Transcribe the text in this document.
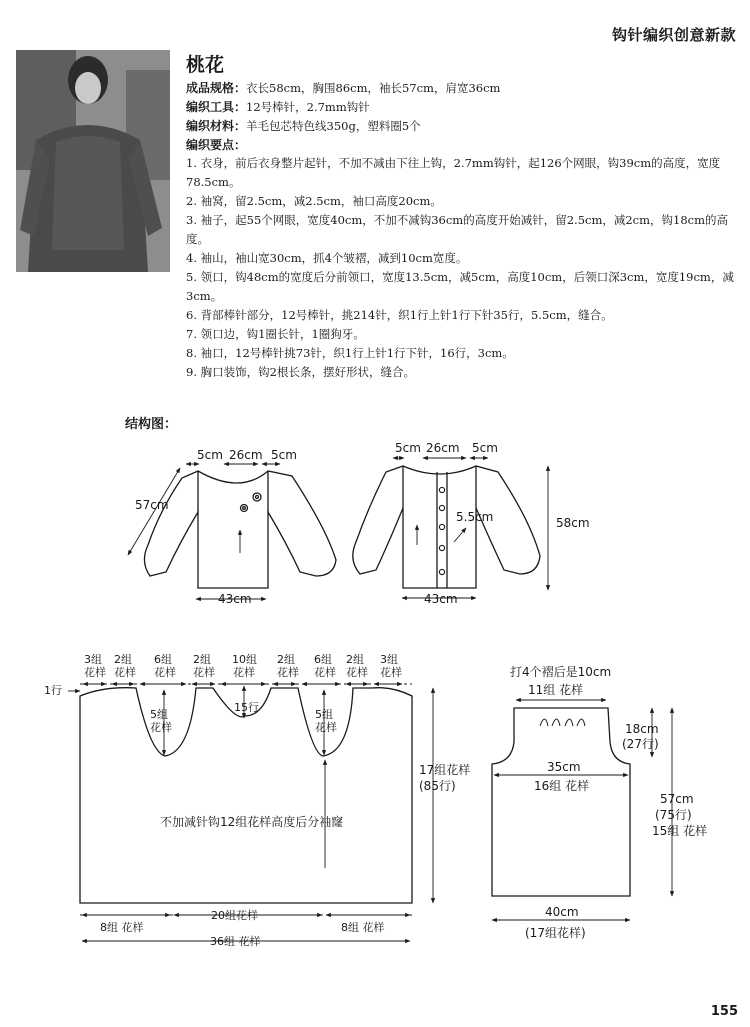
钩针编织创意新款
桃花
成品规格：衣长58cm，胸围86cm，袖长57cm，肩宽36cm
编织工具：12号棒针，2.7mm钩针
编织材料：羊毛包芯特色线350g，塑料圈5个
编织要点：
1. 衣身，前后衣身整片起针，不加不减由下往上钩，2.7mm钩针，起126个网眼，钩39cm的高度，宽度78.5cm。
2. 袖窝，留2.5cm，减2.5cm，袖口高度20cm。
3. 袖子，起55个网眼，宽度40cm，不加不减钩36cm的高度开始减针，留2.5cm，减2cm，钩18cm的高度。
4. 袖山，袖山宽30cm，抓4个皱褶，减到10cm宽度。
5. 领口，钩48cm的宽度后分前领口，宽度13.5cm，减5cm，高度10cm，后领口深3cm，宽度19cm，减3cm。
6. 背部棒针部分，12号棒针，挑214针，织1行上针1行下针35行，5.5cm，缝合。
7. 领口边，钩1圈长针，1圈狗牙。
8. 袖口，12号棒针挑73针，织1行上针1行下针，16行，3cm。
9. 胸口装饰，钩2根长条，摆好形状，缝合。
结构图：
5cm 26cm 5cm
57cm
43cm
5cm 26cm 5cm
5.5cm	58cm
43cm
3组
花样
2组
花样
6组
花样
2组
花样
10组
花样
2组
花样
6组
花样
2组
花样
3组
花样
1行
5组
花样
5组
花样
15行
17组花样
(85行)
不加减针钩12组花样高度后分袖窿
8组 花样
20组花样
8组 花样
36组 花样
打4个褶后是10cm
11组 花样
18cm
(27行)
35cm
16组 花样
57cm
(75行)
15组 花样
40cm
(17组花样)
155
